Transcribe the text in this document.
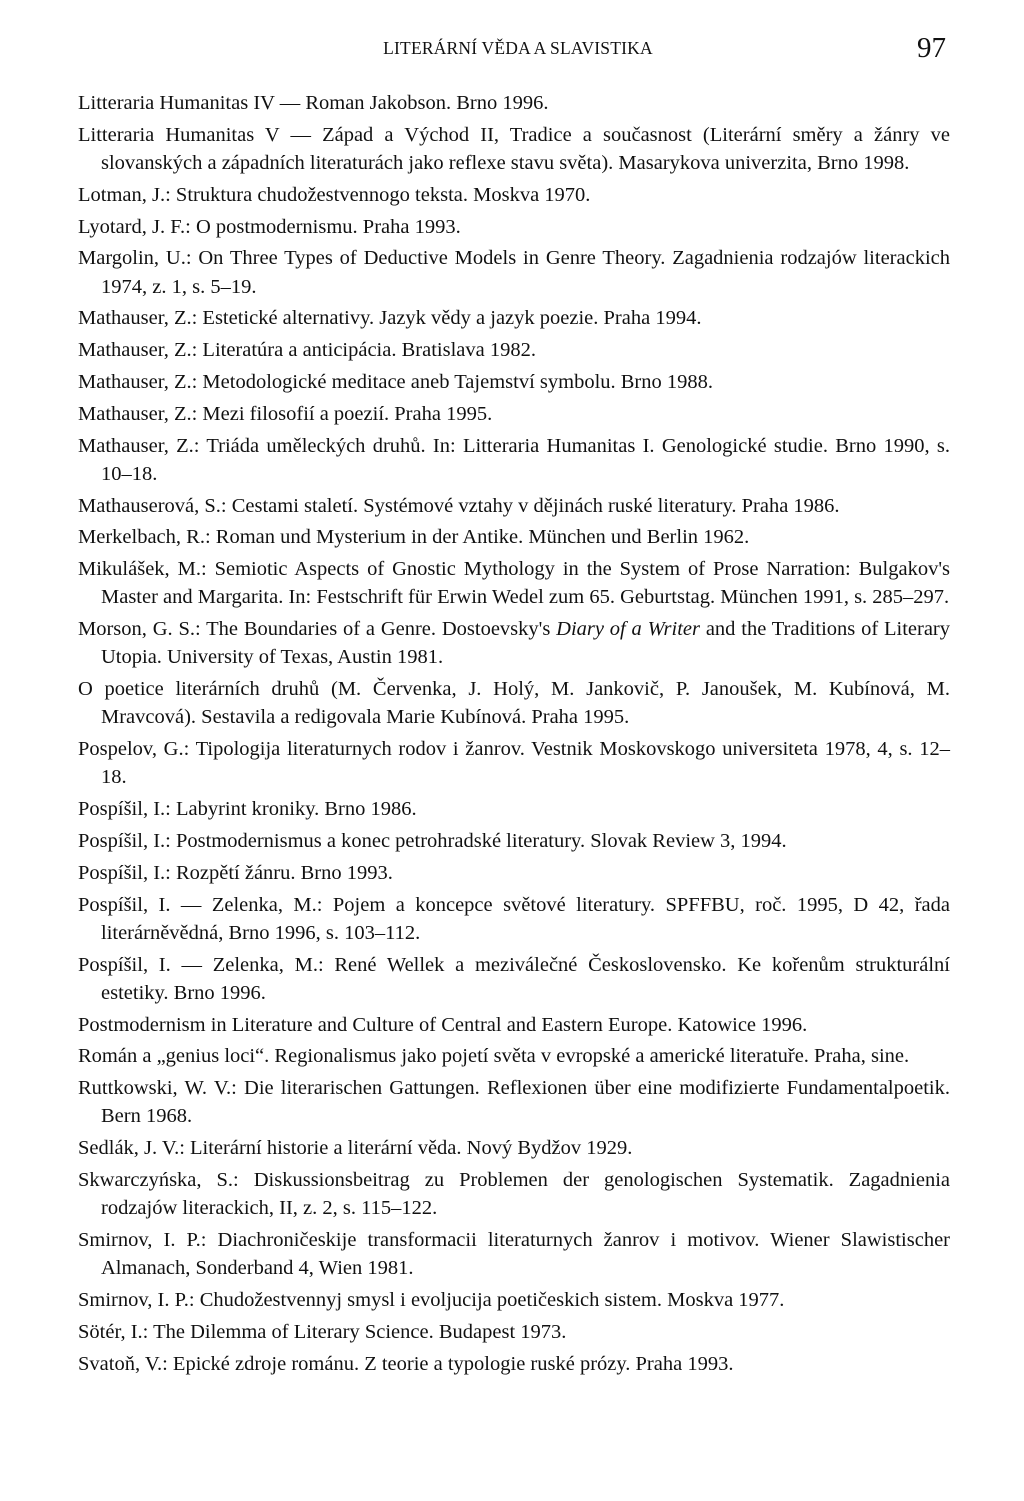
LITERÁRNÍ VĚDA A SLAVISTIKA	97
Litteraria Humanitas IV — Roman Jakobson. Brno 1996.
Litteraria Humanitas V — Západ a Východ II, Tradice a současnost (Literární směry a žánry ve slovanských a západních literaturách jako reflexe stavu světa). Masarykova univerzita, Brno 1998.
Lotman, J.: Struktura chudožestvennogo teksta. Moskva 1970.
Lyotard, J. F.: O postmodernismu. Praha 1993.
Margolin, U.: On Three Types of Deductive Models in Genre Theory. Zagadnienia rodzajów literackich 1974, z. 1, s. 5–19.
Mathauser, Z.: Estetické alternativy. Jazyk vědy a jazyk poezie. Praha 1994.
Mathauser, Z.: Literatúra a anticipácia. Bratislava 1982.
Mathauser, Z.: Metodologické meditace aneb Tajemství symbolu. Brno 1988.
Mathauser, Z.: Mezi filosofií a poezií. Praha 1995.
Mathauser, Z.: Triáda uměleckých druhů. In: Litteraria Humanitas I. Genologické studie. Brno 1990, s. 10–18.
Mathauserová, S.: Cestami staletí. Systémové vztahy v dějinách ruské literatury. Praha 1986.
Merkelbach, R.: Roman und Mysterium in der Antike. München und Berlin 1962.
Mikulášek, M.: Semiotic Aspects of Gnostic Mythology in the System of Prose Narration: Bulgakov's Master and Margarita. In: Festschrift für Erwin Wedel zum 65. Geburtstag. München 1991, s. 285–297.
Morson, G. S.: The Boundaries of a Genre. Dostoevsky's Diary of a Writer and the Traditions of Literary Utopia. University of Texas, Austin 1981.
O poetice literárních druhů (M. Červenka, J. Holý, M. Jankovič, P. Janoušek, M. Kubínová, M. Mravcová). Sestavila a redigovala Marie Kubínová. Praha 1995.
Pospelov, G.: Tipologija literaturnych rodov i žanrov. Vestnik Moskovskogo universiteta 1978, 4, s. 12–18.
Pospíšil, I.: Labyrint kroniky. Brno 1986.
Pospíšil, I.: Postmodernismus a konec petrohradské literatury. Slovak Review 3, 1994.
Pospíšil, I.: Rozpětí žánru. Brno 1993.
Pospíšil, I. — Zelenka, M.: Pojem a koncepce světové literatury. SPFFBU, roč. 1995, D 42, řada literárněvědná, Brno 1996, s. 103–112.
Pospíšil, I. — Zelenka, M.: René Wellek a meziválečné Československo. Ke kořenům strukturální estetiky. Brno 1996.
Postmodernism in Literature and Culture of Central and Eastern Europe. Katowice 1996.
Román a „genius loci“. Regionalismus jako pojetí světa v evropské a americké literatuře. Praha, sine.
Ruttkowski, W. V.: Die literarischen Gattungen. Reflexionen über eine modifizierte Fundamentalpoetik. Bern 1968.
Sedlák, J. V.: Literární historie a literární věda. Nový Bydžov 1929.
Skwarczyńska, S.: Diskussionsbeitrag zu Problemen der genologischen Systematik. Zagadnienia rodzajów literackich, II, z. 2, s. 115–122.
Smirnov, I. P.: Diachroničeskije transformacii literaturnych žanrov i motivov. Wiener Slawistischer Almanach, Sonderband 4, Wien 1981.
Smirnov, I. P.: Chudožestvennyj smysl i evoljucija poetičeskich sistem. Moskva 1977.
Sötér, I.: The Dilemma of Literary Science. Budapest 1973.
Svatoň, V.: Epické zdroje románu. Z teorie a typologie ruské prózy. Praha 1993.
